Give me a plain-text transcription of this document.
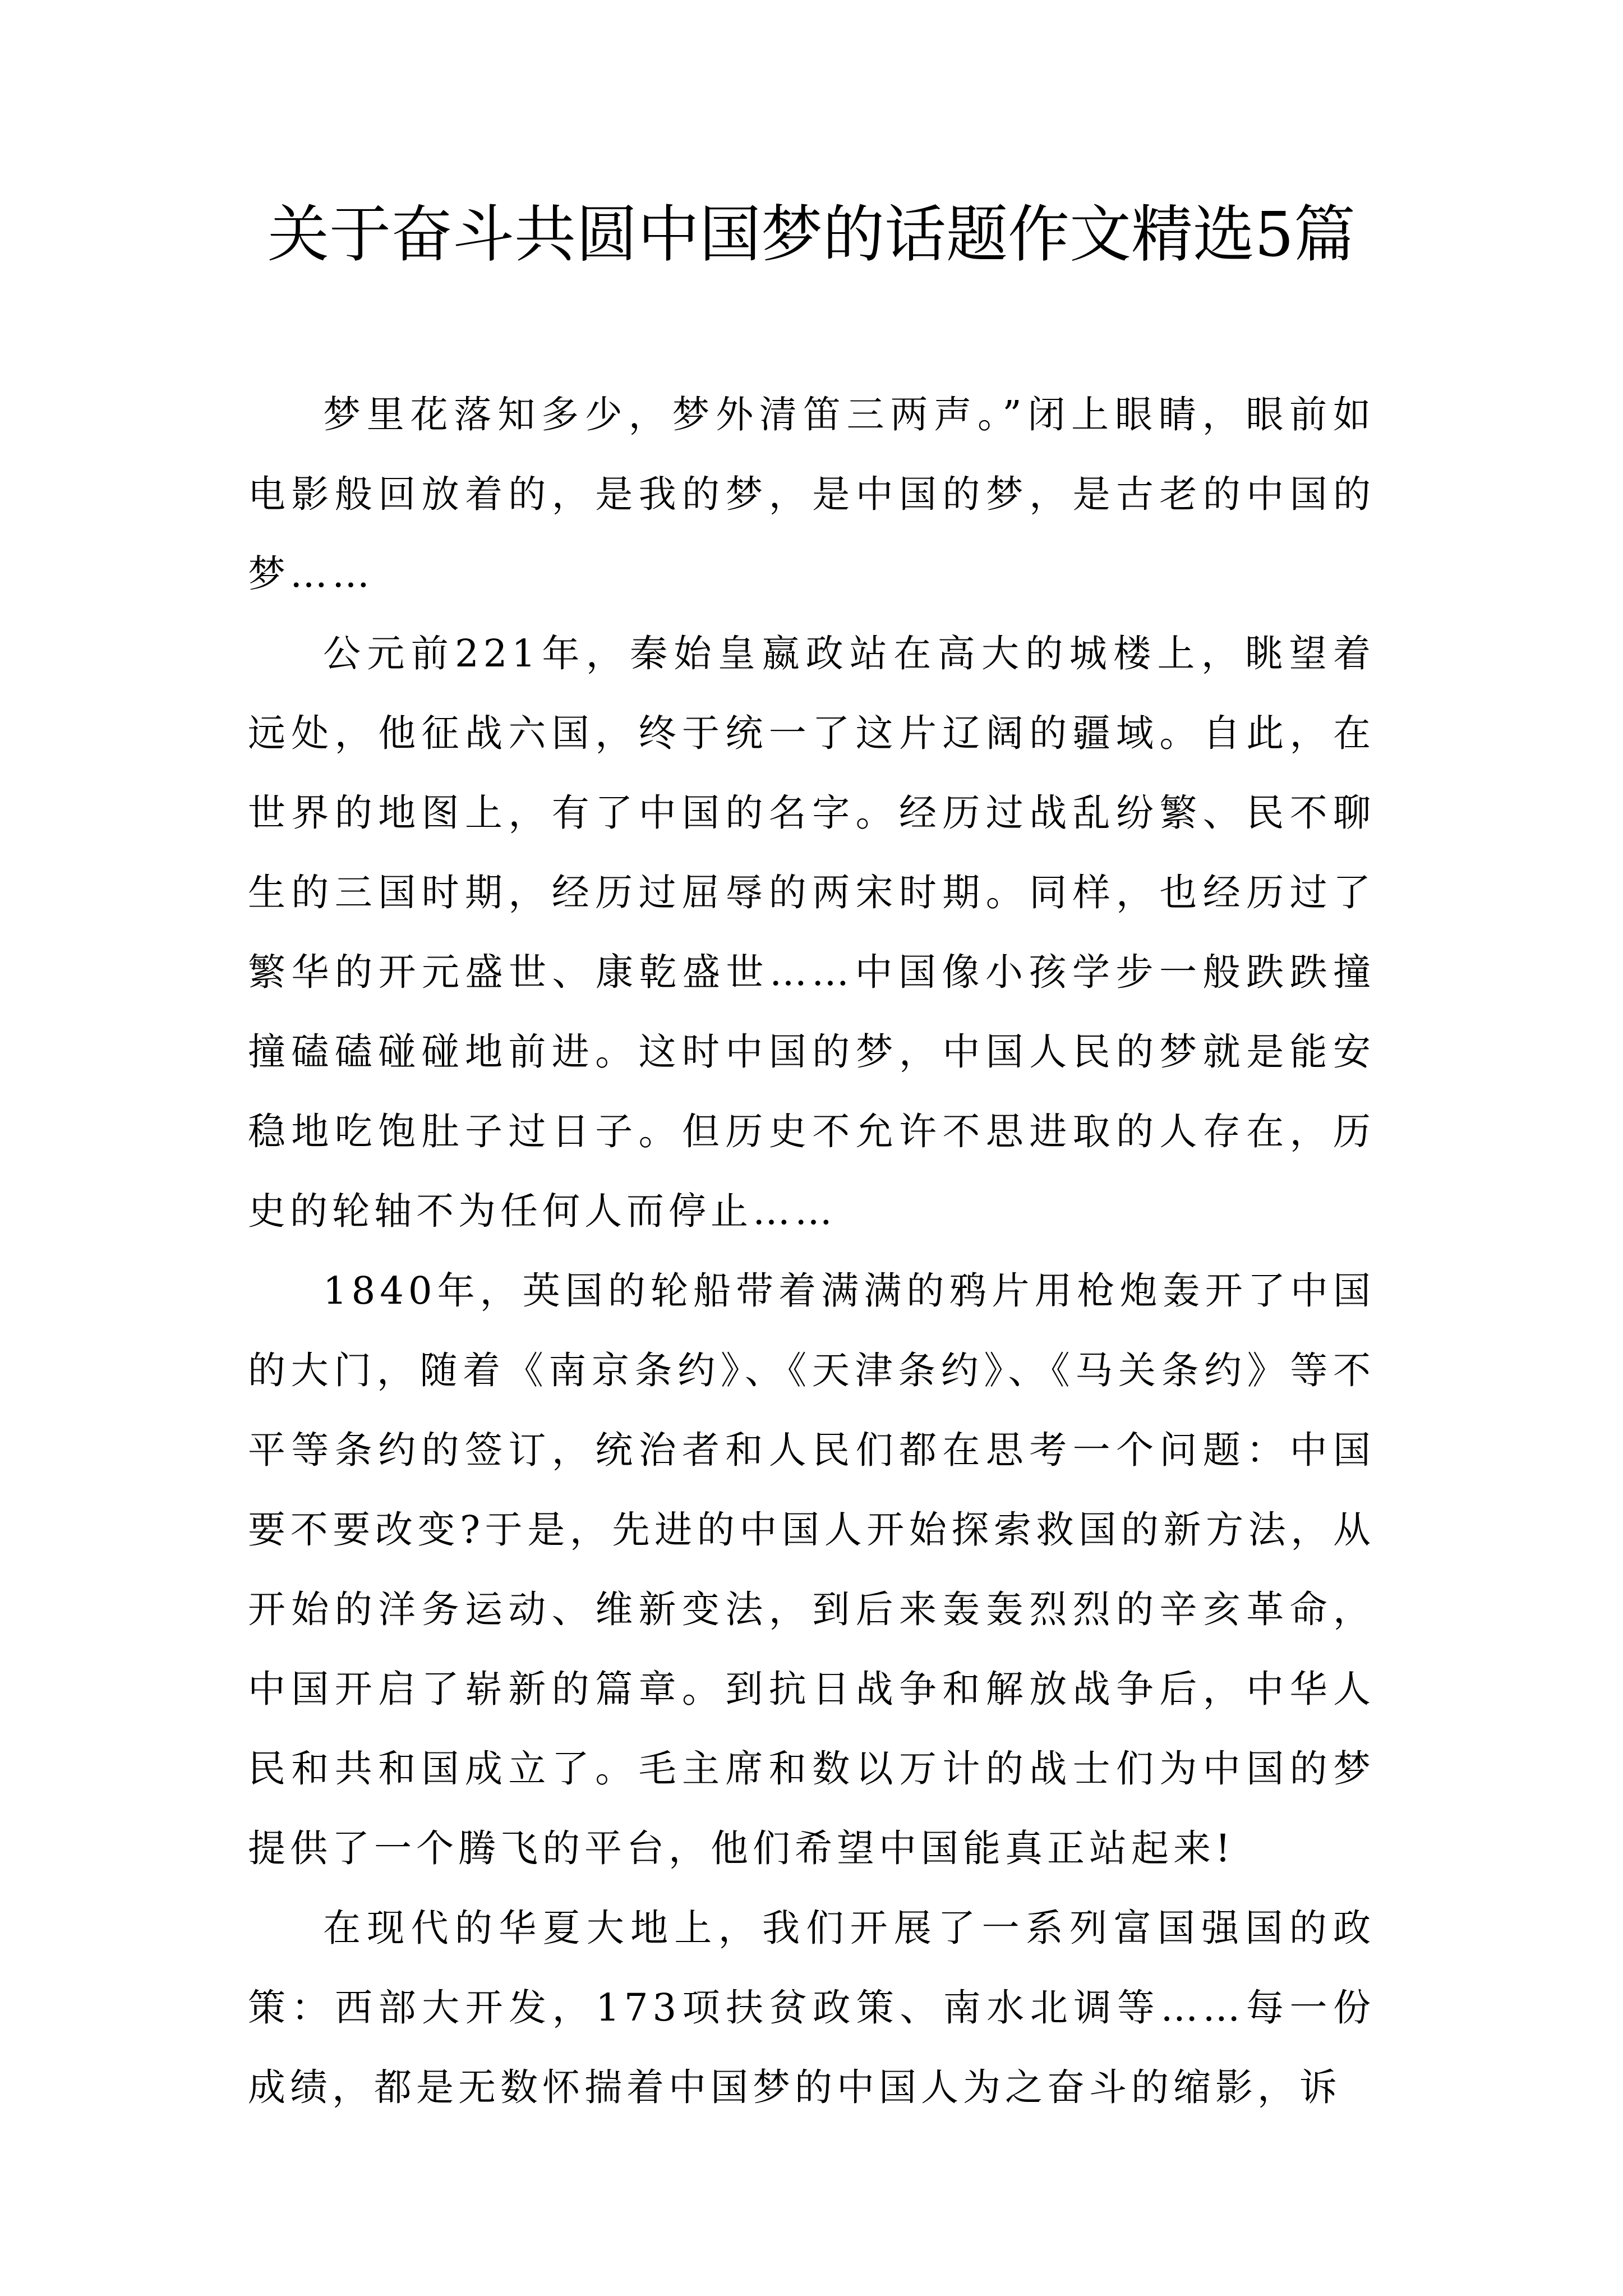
关于奋斗共圆中国梦的话题作文精选5篇

梦里花落知多少，梦外清笛三两声。”闭上眼睛，眼前如电影般回放着的，是我的梦，是中国的梦，是古老的中国的梦……

公元前221年，秦始皇嬴政站在高大的城楼上，眺望着远处，他征战六国，终于统一了这片辽阔的疆域。自此，在世界的地图上，有了中国的名字。经历过战乱纷繁、民不聊生的三国时期，经历过屈辱的两宋时期。同样，也经历过了繁华的开元盛世、康乾盛世……中国像小孩学步一般跌跌撞撞磕磕碰碰地前进。这时中国的梦，中国人民的梦就是能安稳地吃饱肚子过日子。但历史不允许不思进取的人存在，历史的轮轴不为任何人而停止……

1840年，英国的轮船带着满满的鸦片用枪炮轰开了中国的大门，随着《南京条约》、《天津条约》、《马关条约》等不平等条约的签订，统治者和人民们都在思考一个问题：中国要不要改变?于是，先进的中国人开始探索救国的新方法，从开始的洋务运动、维新变法，到后来轰轰烈烈的辛亥革命，中国开启了崭新的篇章。到抗日战争和解放战争后，中华人民和共和国成立了。毛主席和数以万计的战士们为中国的梦提供了一个腾飞的平台，他们希望中国能真正站起来!

在现代的华夏大地上，我们开展了一系列富国强国的政策：西部大开发，173项扶贫政策、南水北调等……每一份成绩，都是无数怀揣着中国梦的中国人为之奋斗的缩影，诉
